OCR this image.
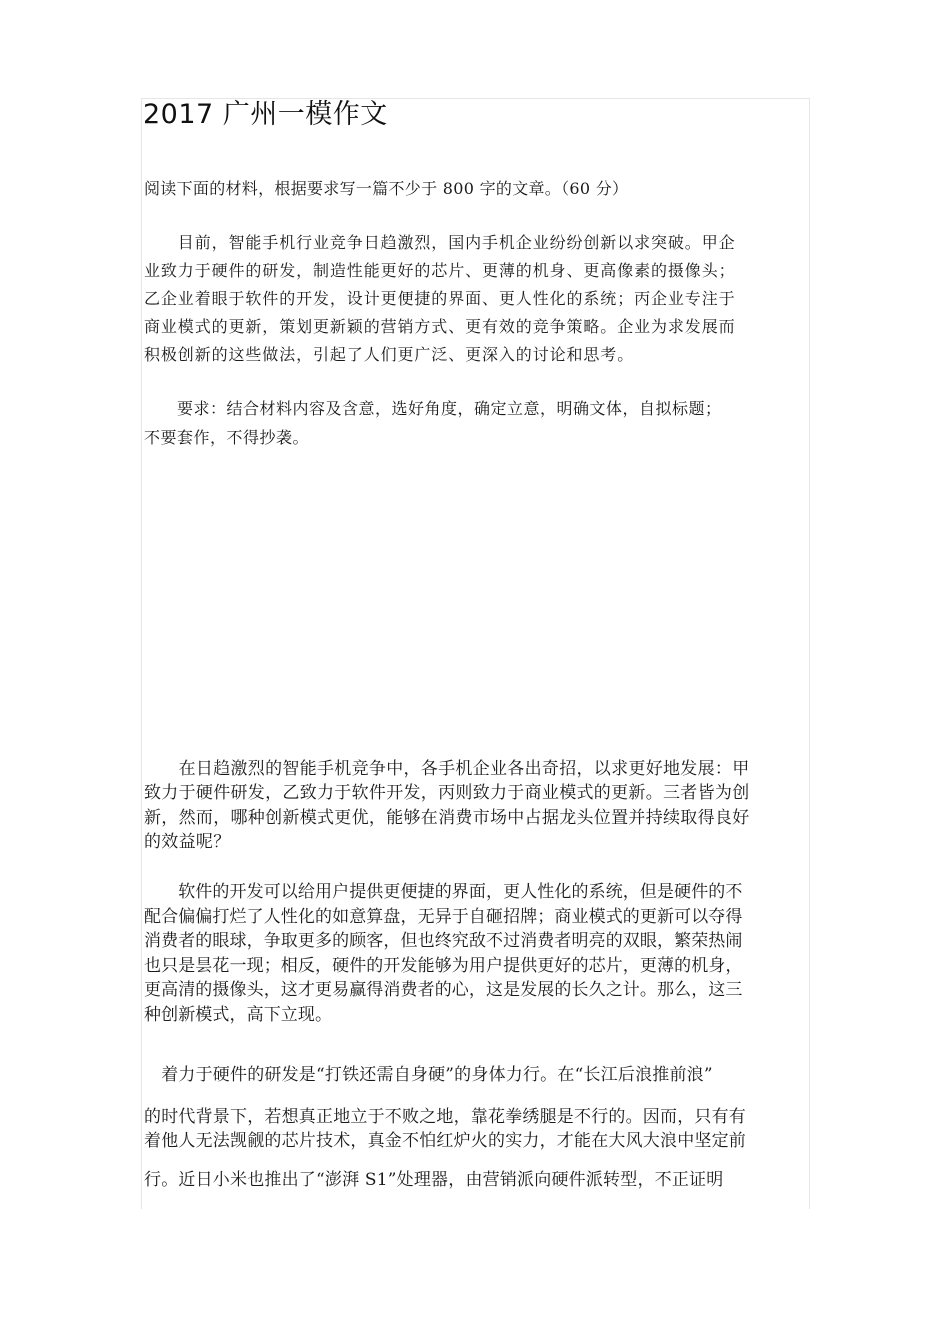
2017 广州一模作文

阅读下面的材料，根据要求写一篇不少于 800 字的文章。（60 分）

　　目前，智能手机行业竞争日趋激烈，国内手机企业纷纷创新以求突破。甲企
业致力于硬件的研发，制造性能更好的芯片、更薄的机身、更高像素的摄像头；
乙企业着眼于软件的开发，设计更便捷的界面、更人性化的系统；丙企业专注于
商业模式的更新，策划更新颖的营销方式、更有效的竞争策略。企业为求发展而
积极创新的这些做法，引起了人们更广泛、更深入的讨论和思考。
　　要求：结合材料内容及含意，选好角度，确定立意，明确文体，自拟标题；
不要套作，不得抄袭。
　　在日趋激烈的智能手机竞争中，各手机企业各出奇招，以求更好地发展：甲
致力于硬件研发，乙致力于软件开发，丙则致力于商业模式的更新。三者皆为创
新，然而，哪种创新模式更优，能够在消费市场中占据龙头位置并持续取得良好
的效益呢？
　　软件的开发可以给用户提供更便捷的界面，更人性化的系统，但是硬件的不
配合偏偏打烂了人性化的如意算盘，无异于自砸招牌；商业模式的更新可以夺得
消费者的眼球，争取更多的顾客，但也终究敌不过消费者明亮的双眼，繁荣热闹
也只是昙花一现；相反，硬件的开发能够为用户提供更好的芯片，更薄的机身，
更高清的摄像头，这才更易赢得消费者的心，这是发展的长久之计。那么，这三
种创新模式，高下立现。
　着力于硬件的研发是“打铁还需自身硬”的身体力行。在“长江后浪推前浪”
的时代背景下，若想真正地立于不败之地，靠花拳绣腿是不行的。因而，只有有
着他人无法觊觎的芯片技术，真金不怕红炉火的实力，才能在大风大浪中坚定前
行。近日小米也推出了“澎湃 S1”处理器，由营销派向硬件派转型，不正证明
